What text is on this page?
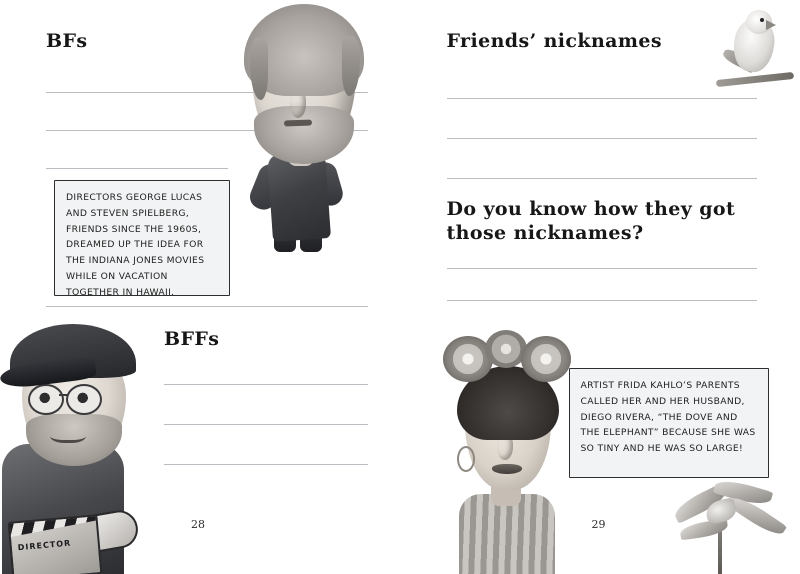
BFs

DIRECTORS GEORGE LUCAS AND STEVEN SPIELBERG, FRIENDS SINCE THE 1960S, DREAMED UP THE IDEA FOR THE INDIANA JONES MOVIES WHILE ON VACATION TOGETHER IN HAWAII.

BFFs
DIRECTOR
28
Friends’ nicknames
Do you know how they got those nicknames?

ARTIST FRIDA KAHLO’S PARENTS CALLED HER AND HER HUSBAND, DIEGO RIVERA, “THE DOVE AND THE ELEPHANT” BECAUSE SHE WAS SO TINY AND HE WAS SO LARGE!

29
